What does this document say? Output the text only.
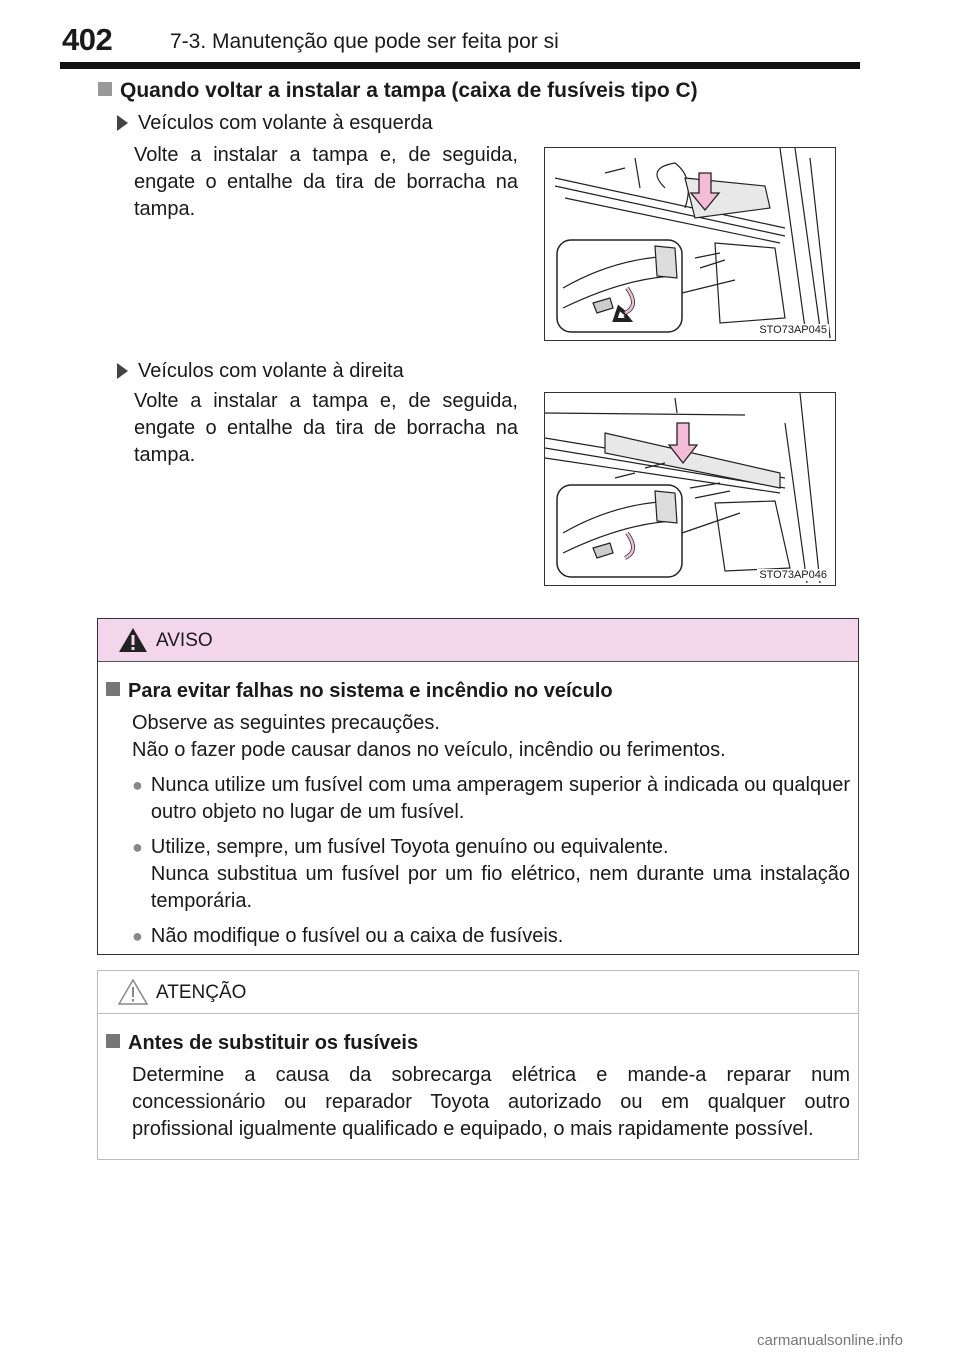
402	7-3. Manutenção que pode ser feita por si
Quando voltar a instalar a tampa (caixa de fusíveis tipo C)
Veículos com volante à esquerda
Volte a instalar a tampa e, de seguida, engate o entalhe da tira de borracha na tampa.
STO73AP045
Veículos com volante à direita
Volte a instalar a tampa e, de seguida, engate o entalhe da tira de borracha na tampa.
STO73AP046
AVISO
Para evitar falhas no sistema e incêndio no veículo
Observe as seguintes precauções.
Não o fazer pode causar danos no veículo, incêndio ou ferimentos.
● Nunca utilize um fusível com uma amperagem superior à indicada ou qualquer outro objeto no lugar de um fusível.
● Utilize, sempre, um fusível Toyota genuíno ou equivalente.
Nunca substitua um fusível por um fio elétrico, nem durante uma instalação temporária.
● Não modifique o fusível ou a caixa de fusíveis.
ATENÇÃO
Antes de substituir os fusíveis
Determine a causa da sobrecarga elétrica e mande-a reparar num concessionário ou reparador Toyota autorizado ou em qualquer outro profissional igualmente qualificado e equipado, o mais rapidamente possível.
carmanualsonline.info
